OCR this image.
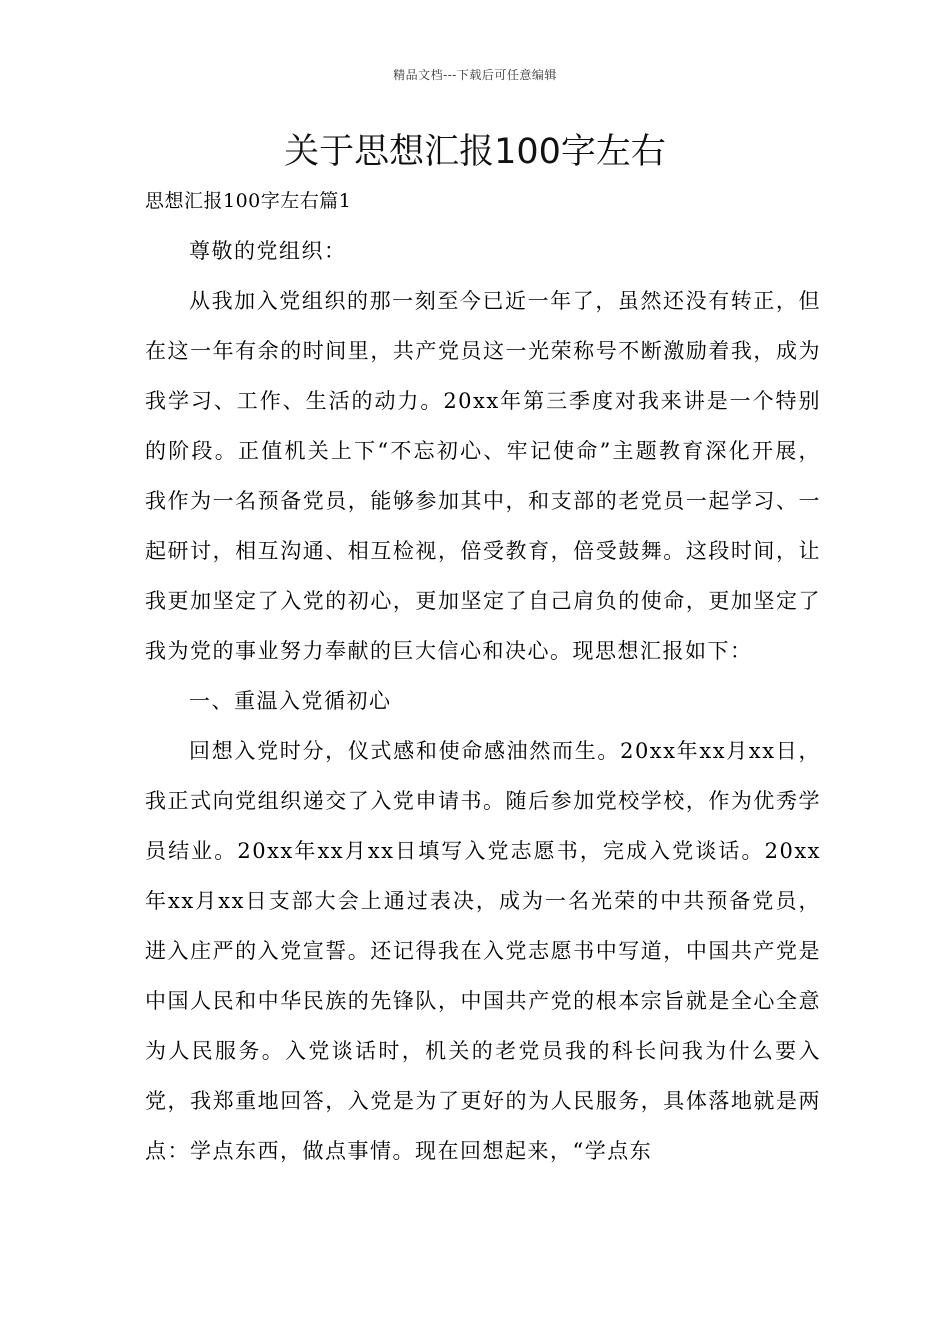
精品文档---下载后可任意编辑
关于思想汇报100字左右

思想汇报100字左右篇1

尊敬的党组织：

从我加入党组织的那一刻至今已近一年了，虽然还没有转正，但在这一年有余的时间里，共产党员这一光荣称号不断激励着我，成为我学习、工作、生活的动力。20xx年第三季度对我来讲是一个特别的阶段。正值机关上下“不忘初心、牢记使命”主题教育深化开展，我作为一名预备党员，能够参加其中，和支部的老党员一起学习、一起研讨，相互沟通、相互检视，倍受教育，倍受鼓舞。这段时间，让我更加坚定了入党的初心，更加坚定了自己肩负的使命，更加坚定了我为党的事业努力奉献的巨大信心和决心。现思想汇报如下：

一、重温入党循初心

回想入党时分，仪式感和使命感油然而生。20xx年xx月xx日，我正式向党组织递交了入党申请书。随后参加党校学校，作为优秀学员结业。20xx年xx月xx日填写入党志愿书，完成入党谈话。20xx年xx月xx日支部大会上通过表决，成为一名光荣的中共预备党员，进入庄严的入党宣誓。还记得我在入党志愿书中写道，中国共产党是中国人民和中华民族的先锋队，中国共产党的根本宗旨就是全心全意为人民服务。入党谈话时，机关的老党员我的科长问我为什么要入党，我郑重地回答，入党是为了更好的为人民服务，具体落地就是两点：学点东西，做点事情。现在回想起来，“学点东
